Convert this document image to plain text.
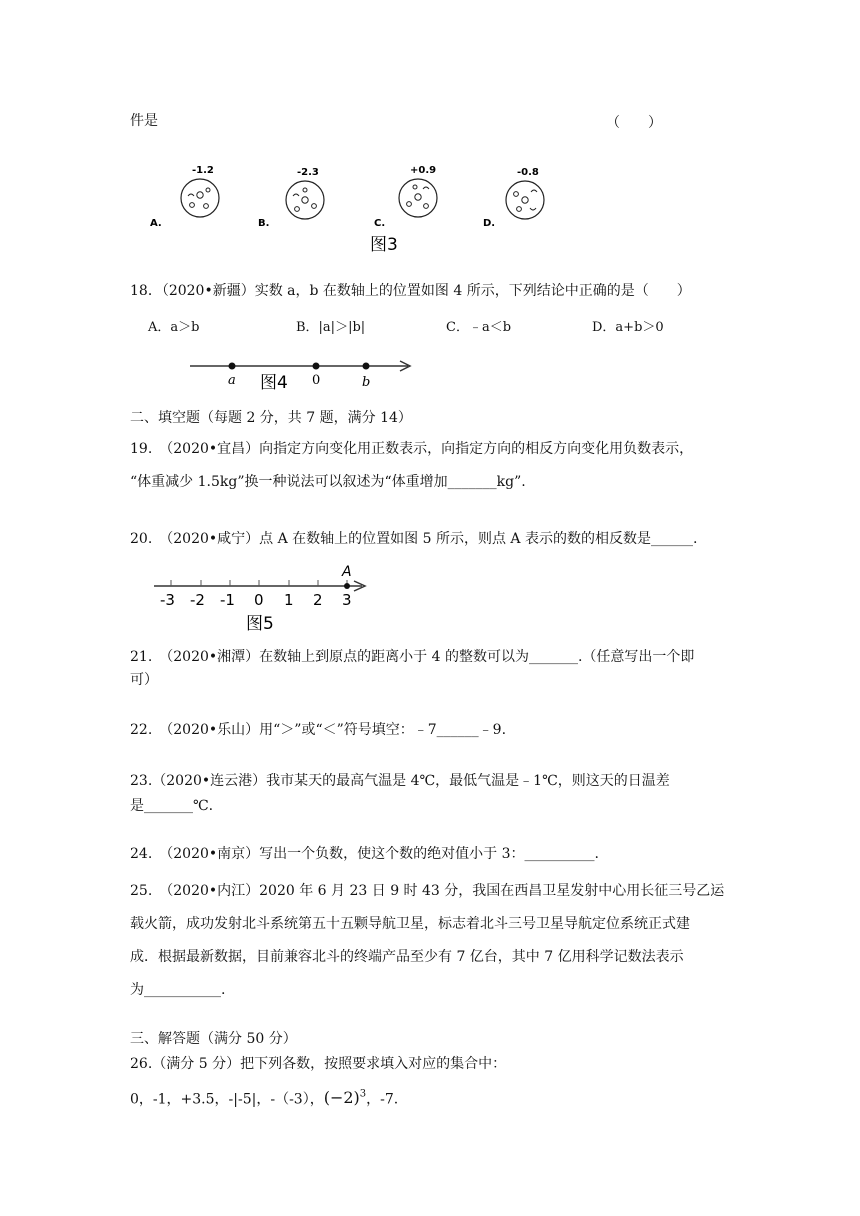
件是	（　　）
-1.2
A.
-2.3
B.
+0.9
C.
-0.8
D.
图3

18．（2020•新疆）实数 a，b 在数轴上的位置如图 4 所示，下列结论中正确的是（　　）

A．a＞b	B．|a|＞|b|	C．﹣a＜b	D．a+b＞0
a	0	b
图4

二、填空题（每题 2 分，共 7 题，满分 14）

19.　（2020•宜昌）向指定方向变化用正数表示，向指定方向的相反方向变化用负数表示，

“体重减少 1.5kg”换一种说法可以叙述为“体重增加_______kg”.

20.　（2020•咸宁）点 A 在数轴上的位置如图 5 所示，则点 A 表示的数的相反数是______.

A
-3 -2 -1 0 1 2 3
图5

21.　（2020•湘潭）在数轴上到原点的距离小于 4 的整数可以为_______.（任意写出一个即

可）

22.　（2020•乐山）用“＞”或“＜”符号填空：﹣7______﹣9.

23.（2020•连云港）我市某天的最高气温是 4℃，最低气温是﹣1℃，则这天的日温差

是_______℃.

24.　（2020•南京）写出一个负数，使这个数的绝对值小于 3：__________.

25.　（2020•内江）2020 年 6 月 23 日 9 时 43 分，我国在西昌卫星发射中心用长征三号乙运

载火箭，成功发射北斗系统第五十五颗导航卫星，标志着北斗三号卫星导航定位系统正式建

成．根据最新数据，目前兼容北斗的终端产品至少有 7 亿台，其中 7 亿用科学记数法表示

为___________.

三、解答题（满分 50 分）

26.（满分 5 分）把下列各数，按照要求填入对应的集合中：

0，-1，+3.5，-|-5|，-（-3），$(-2)^3$，-7.
